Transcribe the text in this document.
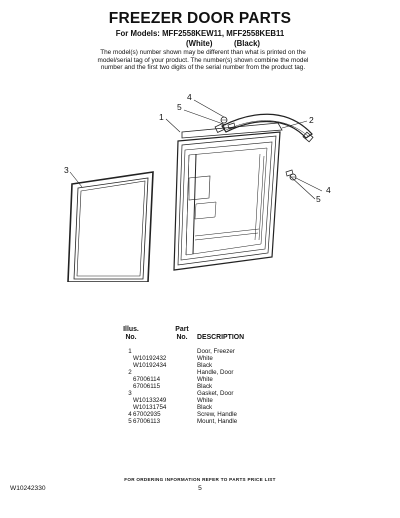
FREEZER DOOR PARTS
For Models: MFF2558KEW11, MFF2558KEB11
(White)	(Black)
The model(s) number shown may be different than what is printed on the model/serial tag of your product. The number(s) shown combine the model number and the first two digits of the serial number from the product tag.
4
5
1	2
3
4
5
Illus.
No.
Part
No.	DESCRIPTION
1	Door, Freezer
W10192432	White
W10192434	Black
2	Handle, Door
67006114	White
67006115	Black
3	Gasket, Door
W10133249	White
W10131754	Black
4 67002935	Screw, Handle
5 67006113	Mount, Handle
FOR ORDERING INFORMATION REFER TO PARTS PRICE LIST
W10242330	5
